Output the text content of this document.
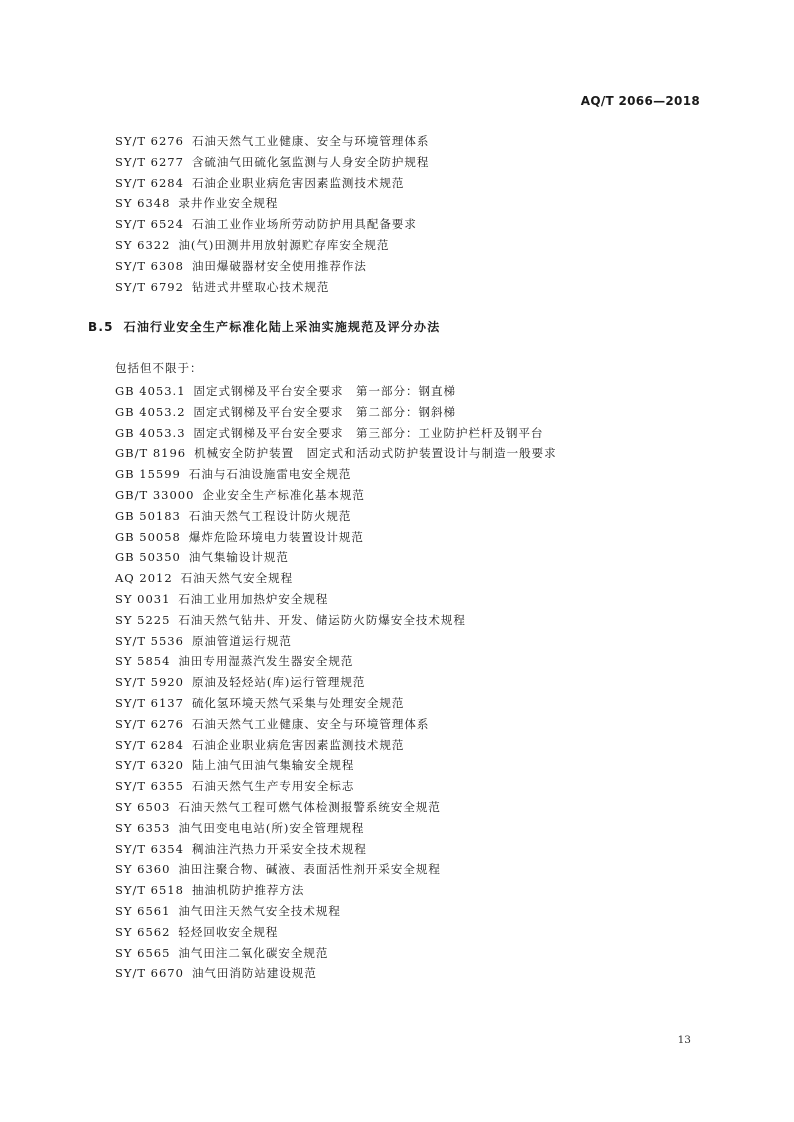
AQ/T 2066—2018
SY/T 6276 石油天然气工业健康、安全与环境管理体系
SY/T 6277 含硫油气田硫化氢监测与人身安全防护规程
SY/T 6284 石油企业职业病危害因素监测技术规范
SY 6348 录井作业安全规程
SY/T 6524 石油工业作业场所劳动防护用具配备要求
SY 6322 油(气)田测井用放射源贮存库安全规范
SY/T 6308 油田爆破器材安全使用推荐作法
SY/T 6792 钻进式井壁取心技术规范
B.5 石油行业安全生产标准化陆上采油实施规范及评分办法
包括但不限于：
GB 4053.1 固定式钢梯及平台安全要求　第一部分：钢直梯
GB 4053.2 固定式钢梯及平台安全要求　第二部分：钢斜梯
GB 4053.3 固定式钢梯及平台安全要求　第三部分：工业防护栏杆及钢平台
GB/T 8196 机械安全防护装置　固定式和活动式防护装置设计与制造一般要求
GB 15599 石油与石油设施雷电安全规范
GB/T 33000 企业安全生产标准化基本规范
GB 50183 石油天然气工程设计防火规范
GB 50058 爆炸危险环境电力装置设计规范
GB 50350 油气集输设计规范
AQ 2012 石油天然气安全规程
SY 0031 石油工业用加热炉安全规程
SY 5225 石油天然气钻井、开发、储运防火防爆安全技术规程
SY/T 5536 原油管道运行规范
SY 5854 油田专用湿蒸汽发生器安全规范
SY/T 5920 原油及轻烃站(库)运行管理规范
SY/T 6137 硫化氢环境天然气采集与处理安全规范
SY/T 6276 石油天然气工业健康、安全与环境管理体系
SY/T 6284 石油企业职业病危害因素监测技术规范
SY/T 6320 陆上油气田油气集输安全规程
SY/T 6355 石油天然气生产专用安全标志
SY 6503 石油天然气工程可燃气体检测报警系统安全规范
SY 6353 油气田变电电站(所)安全管理规程
SY/T 6354 稠油注汽热力开采安全技术规程
SY 6360 油田注聚合物、碱液、表面活性剂开采安全规程
SY/T 6518 抽油机防护推荐方法
SY 6561 油气田注天然气安全技术规程
SY 6562 轻烃回收安全规程
SY 6565 油气田注二氧化碳安全规范
SY/T 6670 油气田消防站建设规范
13
